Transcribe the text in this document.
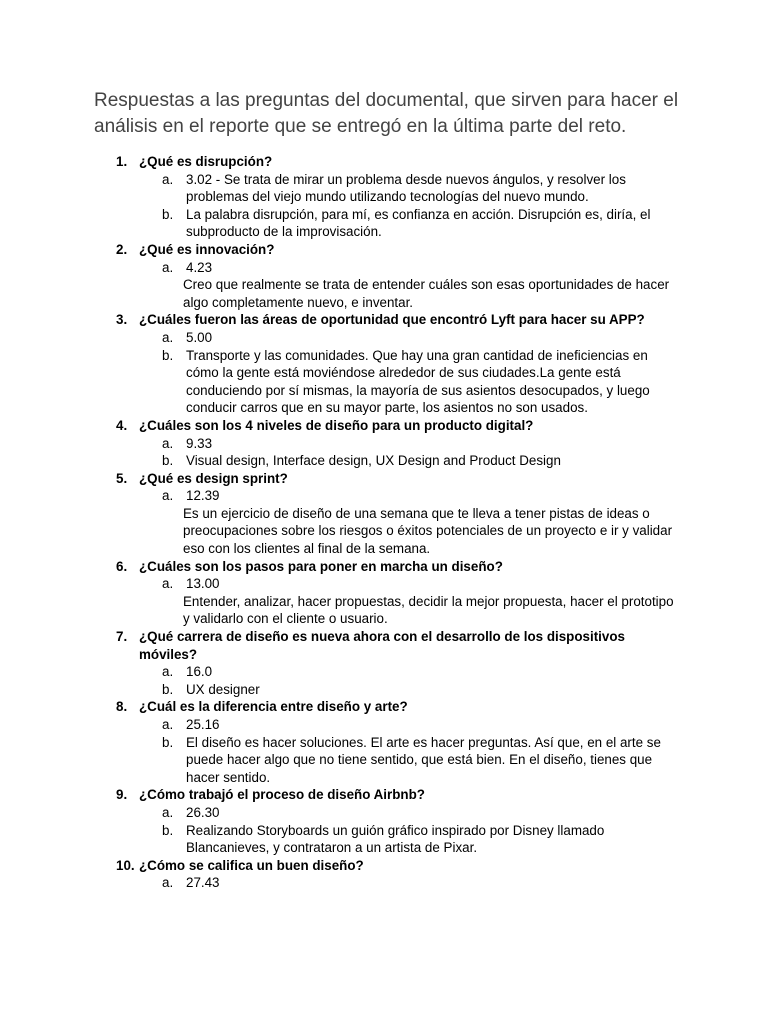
Respuestas a las preguntas del documental, que sirven para hacer el análisis en el reporte que se entregó en la última parte del reto.
1. ¿Qué es disrupción?
a. 3.02 - Se trata de mirar un problema desde nuevos ángulos, y resolver los problemas del viejo mundo utilizando tecnologías del nuevo mundo.
b. La palabra disrupción, para mí, es confianza en acción. Disrupción es, diría, el subproducto de la improvisación.
2. ¿Qué es innovación?
a. 4.23
Creo que realmente se trata de entender cuáles son esas oportunidades de hacer algo completamente nuevo, e inventar.
3. ¿Cuáles fueron las áreas de oportunidad que encontró Lyft para hacer su APP?
a. 5.00
b. Transporte y las comunidades. Que hay una gran cantidad de ineficiencias en cómo la gente está moviéndose alrededor de sus ciudades.La gente está conduciendo por sí mismas, la mayoría de sus asientos desocupados, y luego conducir carros que en su mayor parte, los asientos no son usados.
4. ¿Cuáles son los 4 niveles de diseño para un producto digital?
a. 9.33
b. Visual design, Interface design, UX Design and Product Design
5. ¿Qué es design sprint?
a. 12.39
Es un ejercicio de diseño de una semana que te lleva a tener pistas de ideas o preocupaciones sobre los riesgos o éxitos potenciales de un proyecto e ir y validar eso con los clientes al final de la semana.
6. ¿Cuáles son los pasos para poner en marcha un diseño?
a. 13.00
Entender, analizar, hacer propuestas, decidir la mejor propuesta, hacer el prototipo y validarlo con el cliente o usuario.
7. ¿Qué carrera de diseño es nueva ahora con el desarrollo de los dispositivos móviles?
a. 16.0
b. UX designer
8. ¿Cuál es la diferencia entre diseño y arte?
a. 25.16
b. El diseño es hacer soluciones. El arte es hacer preguntas. Así que, en el arte se puede hacer algo que no tiene sentido, que está bien. En el diseño, tienes que hacer sentido.
9. ¿Cómo trabajó el proceso de diseño Airbnb?
a. 26.30
b. Realizando Storyboards un guión gráfico inspirado por Disney llamado Blancanieves, y contrataron a un artista de Pixar.
10. ¿Cómo se califica un buen diseño?
a. 27.43
